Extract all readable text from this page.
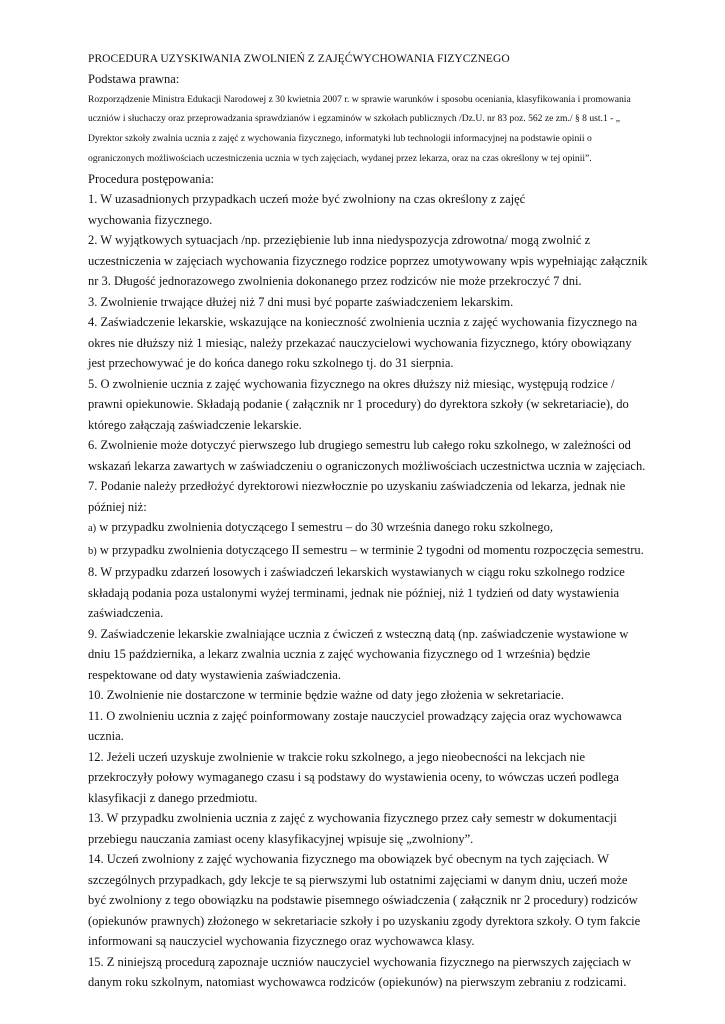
PROCEDURA UZYSKIWANIA ZWOLNIEŃ Z ZAJĘĆWYCHOWANIA FIZYCZNEGO

Podstawa prawna:

Rozporządzenie Ministra Edukacji Narodowej z 30 kwietnia 2007 r. w sprawie warunków i sposobu oceniania, klasyfikowania i promowania uczniów i słuchaczy oraz przeprowadzania sprawdzianów i egzaminów w szkołach publicznych /Dz.U. nr 83 poz. 562 ze zm./ § 8 ust.1 - „ Dyrektor szkoły zwalnia ucznia z zajęć z wychowania fizycznego, informatyki lub technologii informacyjnej na podstawie opinii o ograniczonych możliwościach uczestniczenia ucznia w tych zajęciach, wydanej przez lekarza, oraz na czas określony w tej opinii”.

Procedura postępowania:

1. W uzasadnionych przypadkach uczeń może być zwolniony na czas określony z zajęć
wychowania fizycznego.

2. W wyjątkowych sytuacjach /np. przeziębienie lub inna niedyspozycja zdrowotna/ mogą zwolnić z uczestniczenia w zajęciach wychowania fizycznego rodzice poprzez umotywowany wpis wypełniając załącznik nr 3. Długość jednorazowego zwolnienia dokonanego przez rodziców nie może przekroczyć 7 dni.

3. Zwolnienie trwające dłużej niż 7 dni musi być poparte zaświadczeniem lekarskim.

4. Zaświadczenie lekarskie, wskazujące na konieczność zwolnienia ucznia z zajęć wychowania fizycznego na okres nie dłuższy niż 1 miesiąc, należy przekazać nauczycielowi wychowania fizycznego, który obowiązany jest przechowywać je do końca danego roku szkolnego tj. do 31 sierpnia.

5. O zwolnienie ucznia z zajęć wychowania fizycznego na okres dłuższy niż miesiąc, występują rodzice / prawni opiekunowie. Składają podanie ( załącznik nr 1 procedury) do dyrektora szkoły (w sekretariacie), do którego załączają zaświadczenie lekarskie.

6. Zwolnienie może dotyczyć pierwszego lub drugiego semestru lub całego roku szkolnego, w zależności od wskazań lekarza zawartych w zaświadczeniu o ograniczonych możliwościach uczestnictwa ucznia w zajęciach.

7. Podanie należy przedłożyć dyrektorowi niezwłocznie po uzyskaniu zaświadczenia od lekarza, jednak nie później niż:

a) w przypadku zwolnienia dotyczącego I semestru – do 30 września danego roku szkolnego,

b) w przypadku zwolnienia dotyczącego II semestru – w terminie 2 tygodni od momentu rozpoczęcia semestru.

8. W przypadku zdarzeń losowych i zaświadczeń lekarskich wystawianych w ciągu roku szkolnego rodzice składają podania poza ustalonymi wyżej terminami, jednak nie później, niż 1 tydzień od daty wystawienia zaświadczenia.

9. Zaświadczenie lekarskie zwalniające ucznia z ćwiczeń z wsteczną datą (np. zaświadczenie wystawione w dniu 15 października, a lekarz zwalnia ucznia z zajęć wychowania fizycznego od 1 września) będzie respektowane od daty wystawienia zaświadczenia.

10. Zwolnienie nie dostarczone w terminie będzie ważne od daty jego złożenia w sekretariacie.

11. O zwolnieniu ucznia z zajęć poinformowany zostaje nauczyciel prowadzący zajęcia oraz wychowawca ucznia.

12. Jeżeli uczeń uzyskuje zwolnienie w trakcie roku szkolnego, a jego nieobecności na lekcjach nie przekroczyły połowy wymaganego czasu i są podstawy do wystawienia oceny, to wówczas uczeń podlega klasyfikacji z danego przedmiotu.

13. W przypadku zwolnienia ucznia z zajęć z wychowania fizycznego przez cały semestr w dokumentacji przebiegu nauczania zamiast oceny klasyfikacyjnej wpisuje się „zwolniony”.

14. Uczeń zwolniony z zajęć wychowania fizycznego ma obowiązek być obecnym na tych zajęciach. W szczególnych przypadkach, gdy lekcje te są pierwszymi lub ostatnimi zajęciami w danym dniu, uczeń może być zwolniony z tego obowiązku na podstawie pisemnego oświadczenia ( załącznik nr 2 procedury) rodziców (opiekunów prawnych) złożonego w sekretariacie szkoły i po uzyskaniu zgody dyrektora szkoły. O tym fakcie informowani są nauczyciel wychowania fizycznego oraz wychowawca klasy.

15. Z niniejszą procedurą zapoznaje uczniów nauczyciel wychowania fizycznego na pierwszych zajęciach w danym roku szkolnym, natomiast wychowawca rodziców (opiekunów) na pierwszym zebraniu z rodzicami.
